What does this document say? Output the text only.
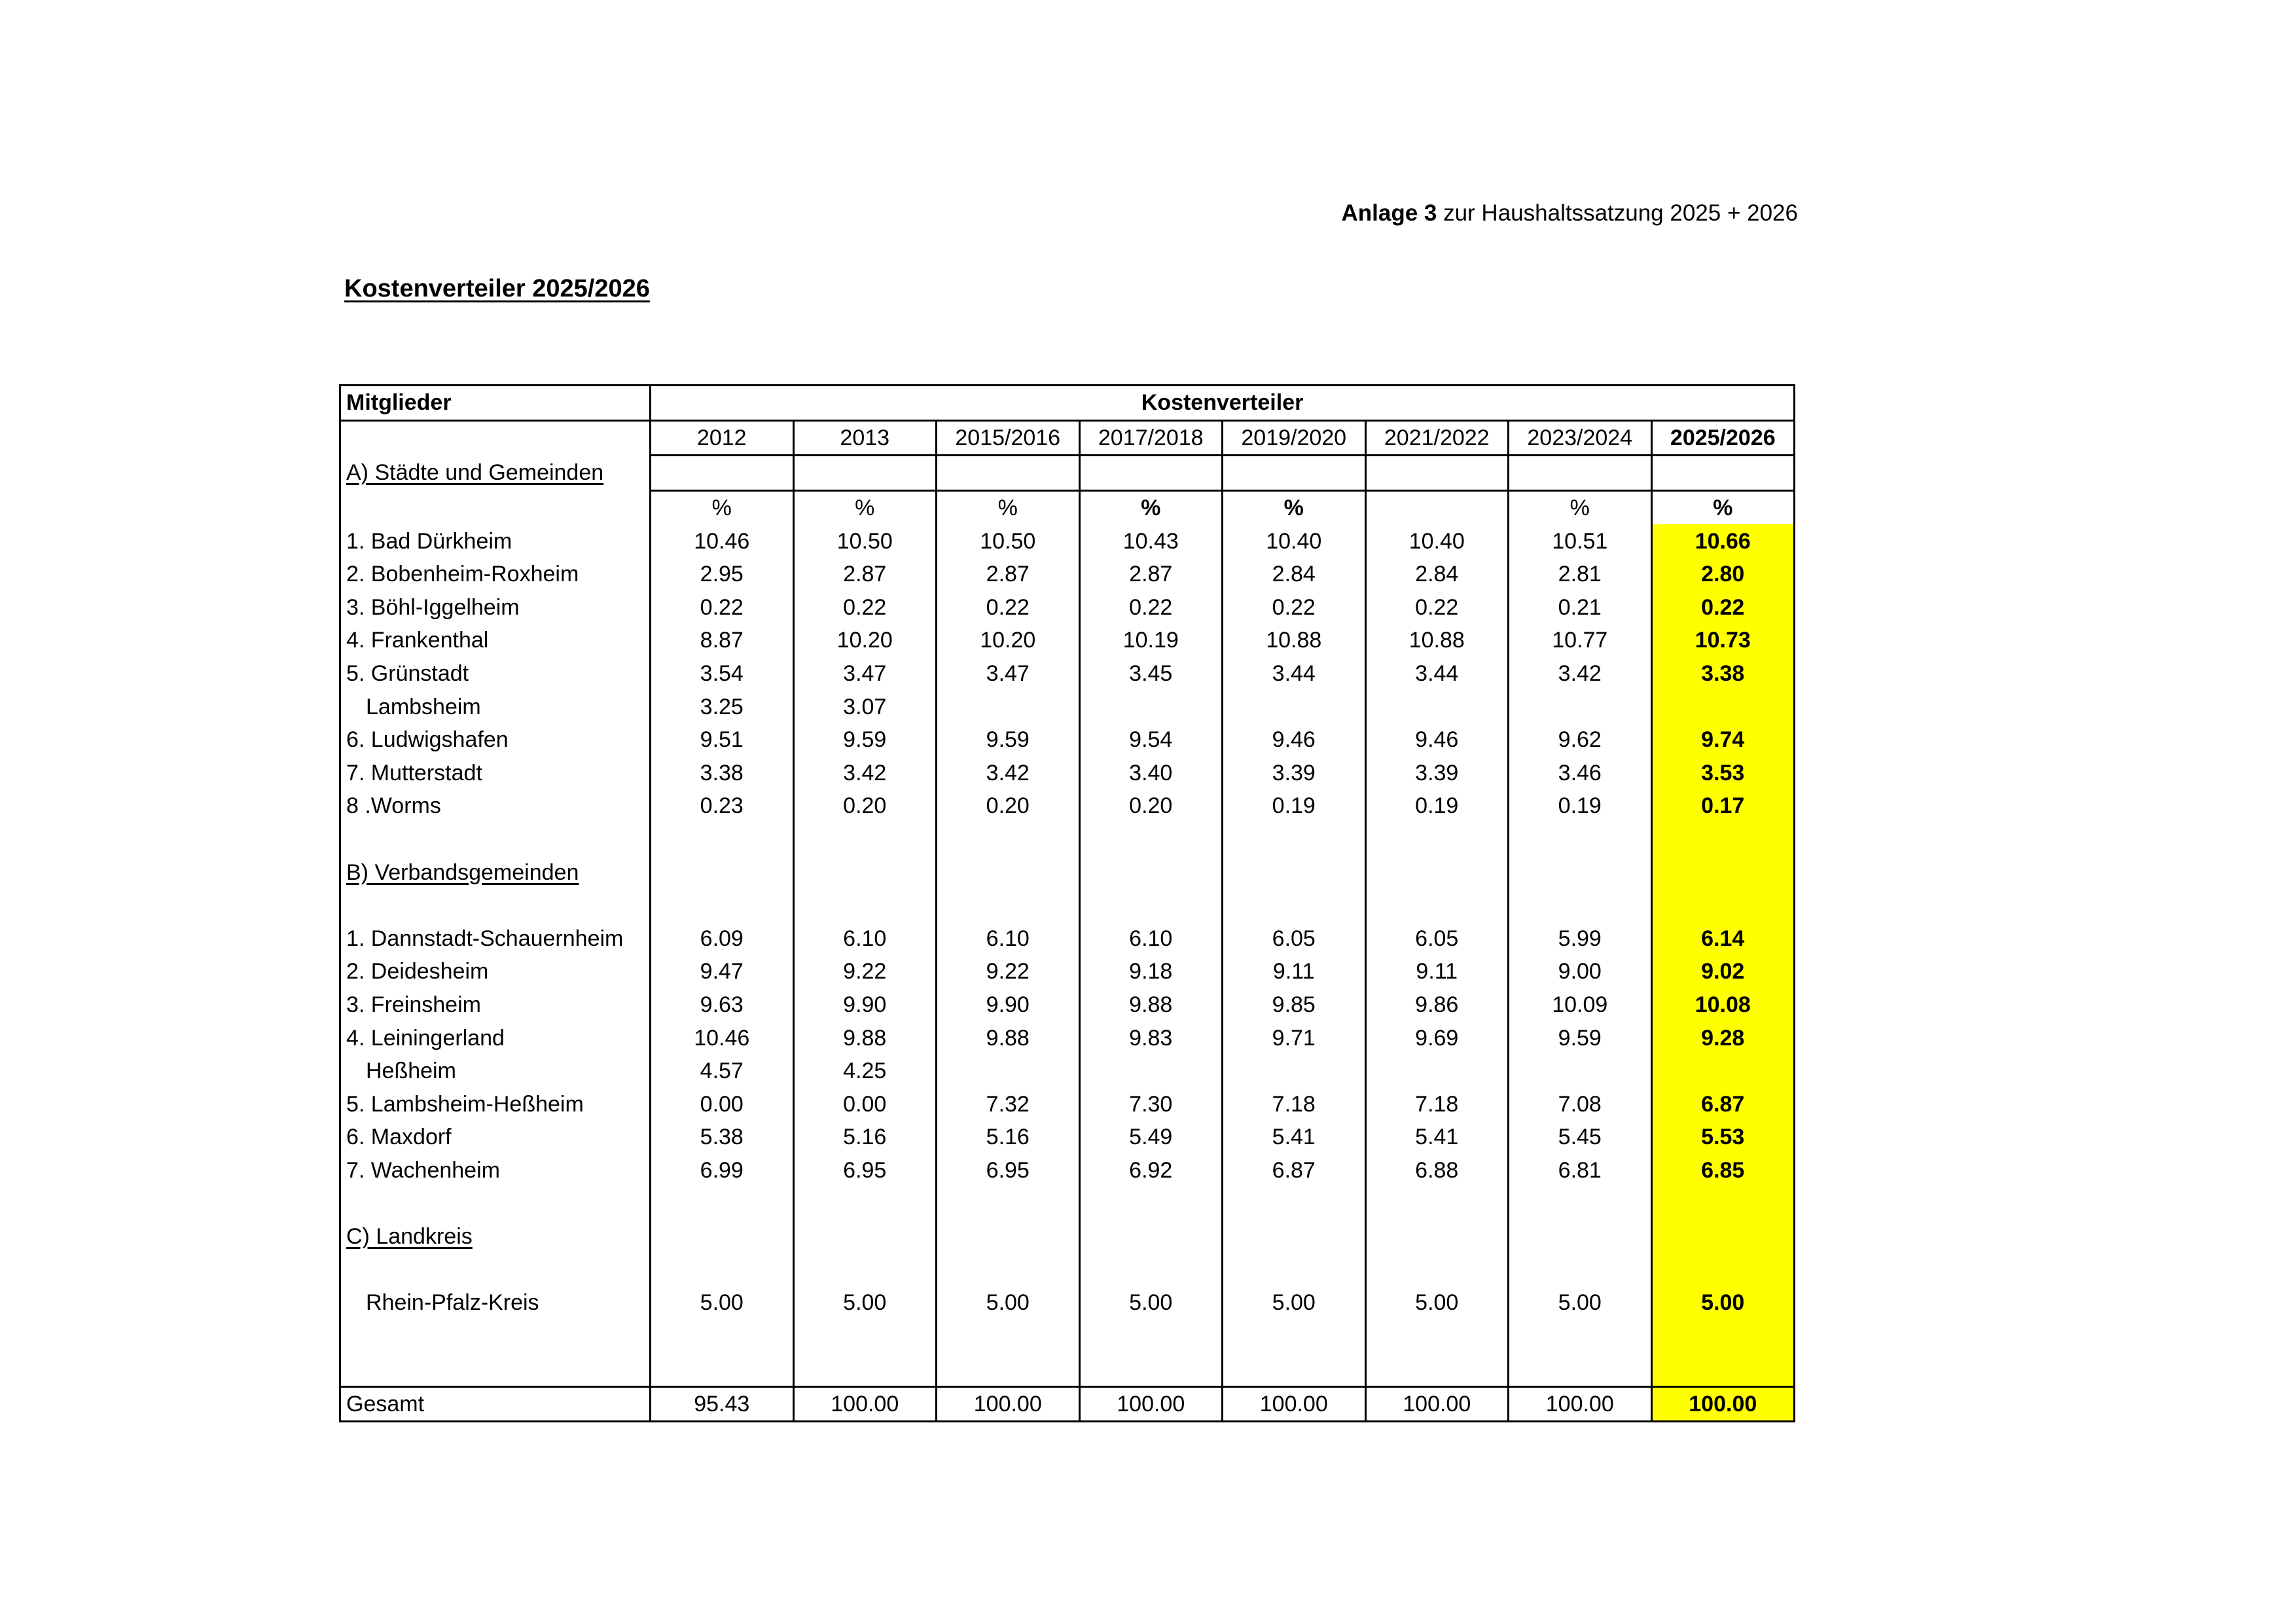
Anlage 3 zur Haushaltssatzung 2025 + 2026
Kostenverteiler 2025/2026
Mitglieder	Kostenverteiler							
	2012	2013	2015/2016	2017/2018	2019/2020	2021/2022	2023/2024	2025/2026
A) Städte und Gemeinden								
	%	%	%	%	%		%	%
1. Bad Dürkheim	10.46	10.50	10.50	10.43	10.40	10.40	10.51	10.66
2. Bobenheim-Roxheim	2.95	2.87	2.87	2.87	2.84	2.84	2.81	2.80
3. Böhl-Iggelheim	0.22	0.22	0.22	0.22	0.22	0.22	0.21	0.22
4. Frankenthal	8.87	10.20	10.20	10.19	10.88	10.88	10.77	10.73
5. Grünstadt	3.54	3.47	3.47	3.45	3.44	3.44	3.42	3.38
Lambsheim	3.25	3.07						
6. Ludwigshafen	9.51	9.59	9.59	9.54	9.46	9.46	9.62	9.74
7. Mutterstadt	3.38	3.42	3.42	3.40	3.39	3.39	3.46	3.53
8 .Worms	0.23	0.20	0.20	0.20	0.19	0.19	0.19	0.17

B) Verbandsgemeinden								

1. Dannstadt-Schauernheim	6.09	6.10	6.10	6.10	6.05	6.05	5.99	6.14
2. Deidesheim	9.47	9.22	9.22	9.18	9.11	9.11	9.00	9.02
3. Freinsheim	9.63	9.90	9.90	9.88	9.85	9.86	10.09	10.08
4. Leiningerland	10.46	9.88	9.88	9.83	9.71	9.69	9.59	9.28
Heßheim	4.57	4.25						
5. Lambsheim-Heßheim	0.00	0.00	7.32	7.30	7.18	7.18	7.08	6.87
6. Maxdorf	5.38	5.16	5.16	5.49	5.41	5.41	5.45	5.53
7. Wachenheim	6.99	6.95	6.95	6.92	6.87	6.88	6.81	6.85

C) Landkreis								

Rhein-Pfalz-Kreis	5.00	5.00	5.00	5.00	5.00	5.00	5.00	5.00

Gesamt	95.43	100.00	100.00	100.00	100.00	100.00	100.00	100.00
